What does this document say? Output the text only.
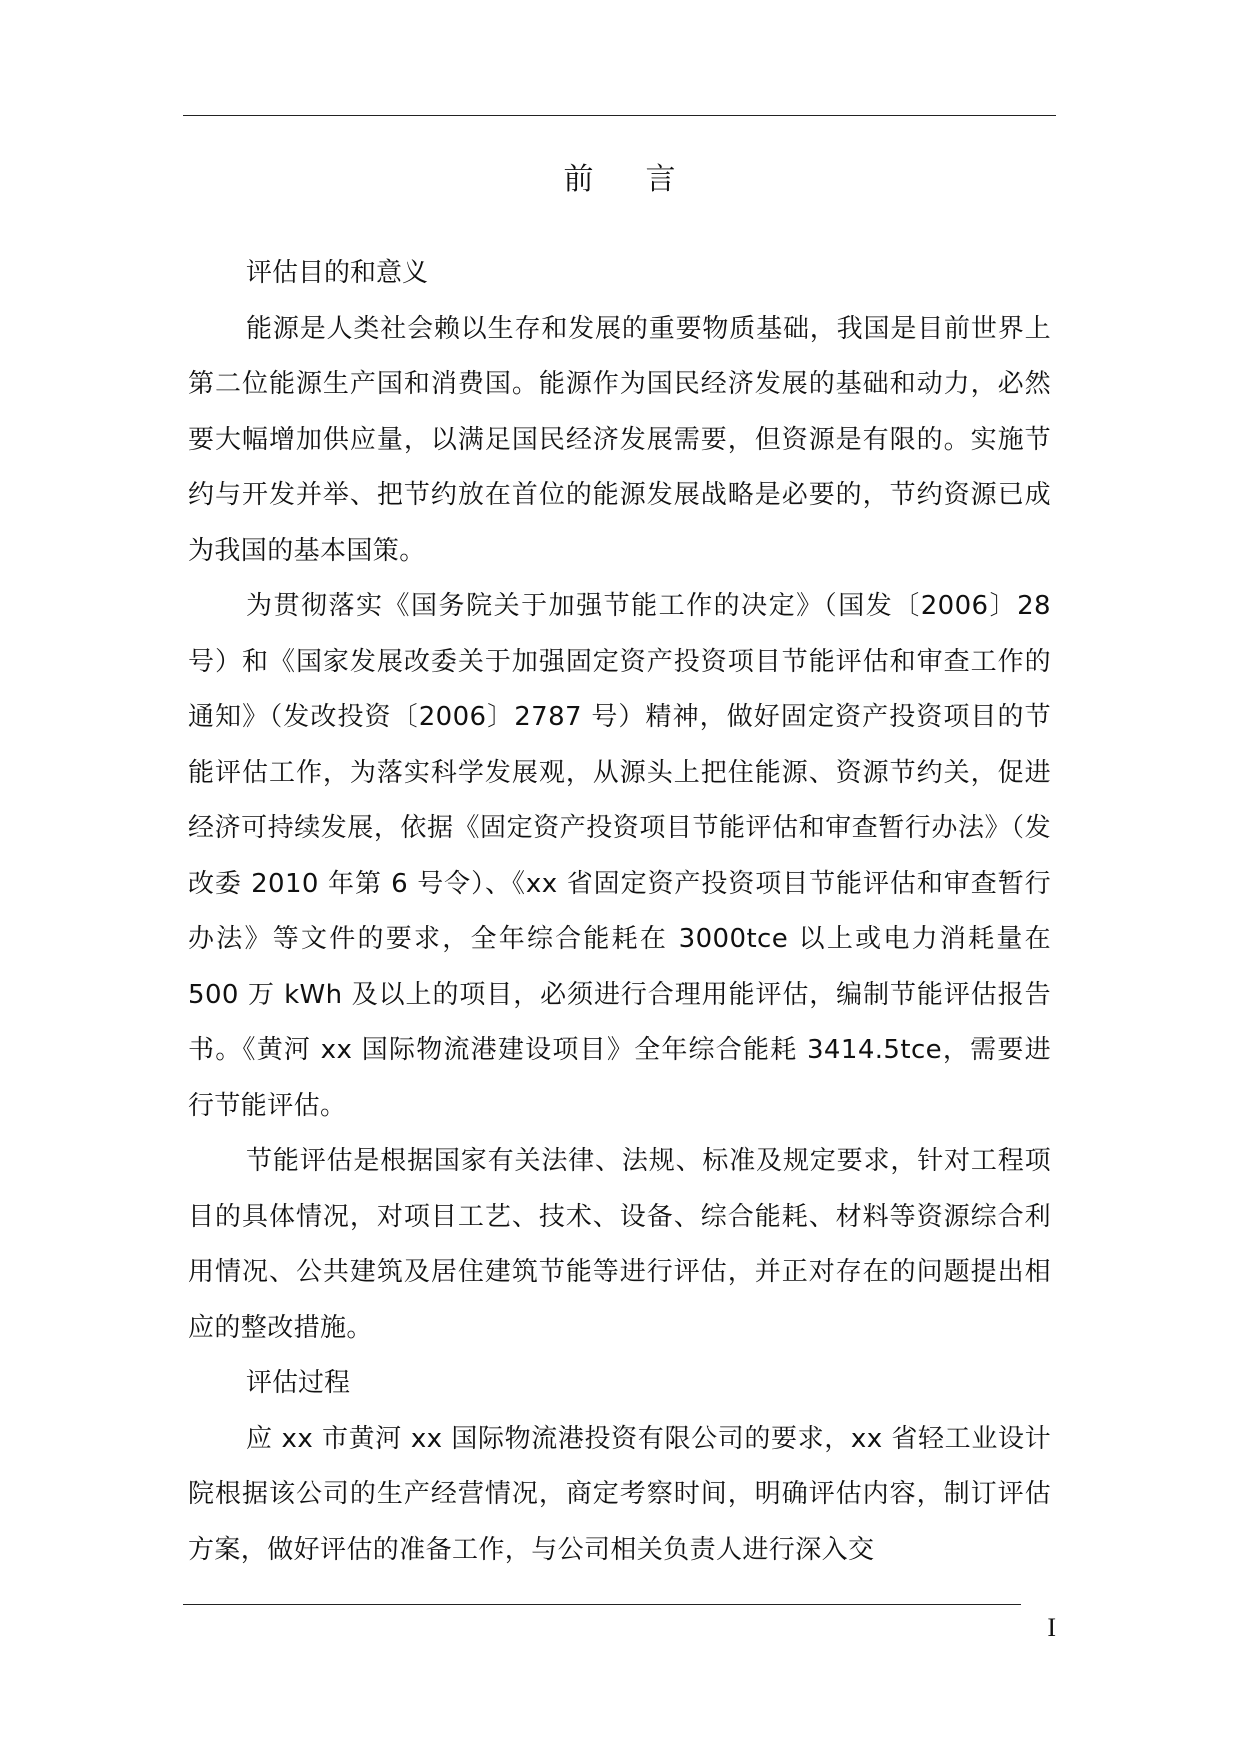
前 言
评估目的和意义

能源是人类社会赖以生存和发展的重要物质基础，我国是目前世界上第二位能源生产国和消费国。能源作为国民经济发展的基础和动力，必然要大幅增加供应量，以满足国民经济发展需要，但资源是有限的。实施节约与开发并举、把节约放在首位的能源发展战略是必要的，节约资源已成为我国的基本国策。

为贯彻落实《国务院关于加强节能工作的决定》（国发〔2006〕28 号）和《国家发展改委关于加强固定资产投资项目节能评估和审查工作的通知》（发改投资〔2006〕2787 号）精神，做好固定资产投资项目的节能评估工作，为落实科学发展观，从源头上把住能源、资源节约关，促进经济可持续发展，依据《固定资产投资项目节能评估和审查暂行办法》（发改委 2010 年第 6 号令）、《xx 省固定资产投资项目节能评估和审查暂行办法》等文件的要求，全年综合能耗在 3000tce 以上或电力消耗量在 500 万 kWh 及以上的项目，必须进行合理用能评估，编制节能评估报告书。《黄河 xx 国际物流港建设项目》全年综合能耗 3414.5tce，需要进行节能评估。

节能评估是根据国家有关法律、法规、标准及规定要求，针对工程项目的具体情况，对项目工艺、技术、设备、综合能耗、材料等资源综合利用情况、公共建筑及居住建筑节能等进行评估，并正对存在的问题提出相应的整改措施。

评估过程

应 xx 市黄河 xx 国际物流港投资有限公司的要求，xx 省轻工业设计院根据该公司的生产经营情况，商定考察时间，明确评估内容，制订评估方案，做好评估的准备工作，与公司相关负责人进行深入交

I
